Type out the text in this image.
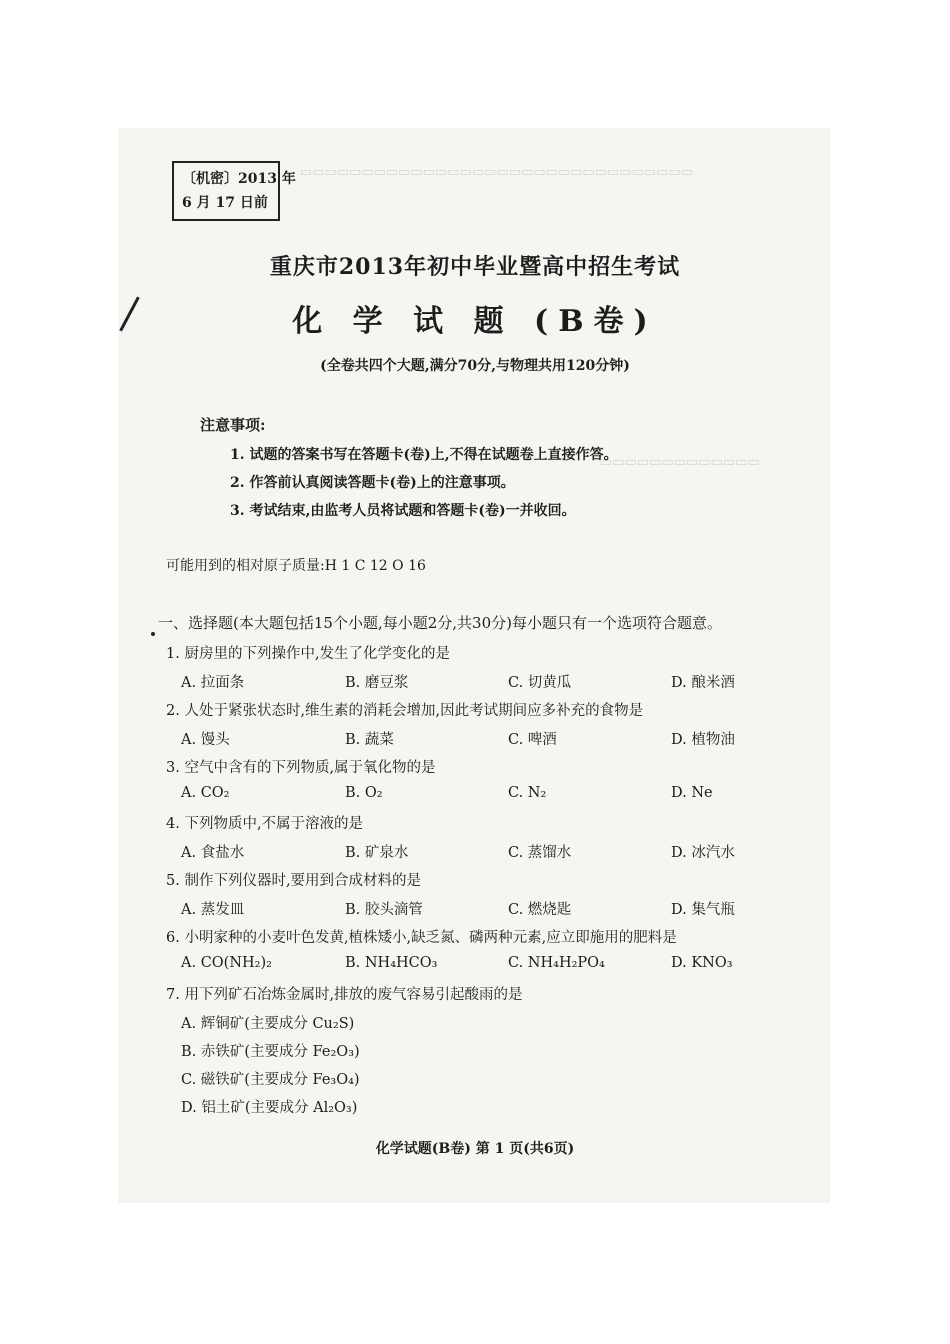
▭▭▭▭▭▭▭▭▭▭▭▭▭▭▭▭▭▭▭▭▭▭▭▭▭▭▭▭▭▭▭▭
▭▭▭▭▭▭▭▭▭▭▭▭▭
〔机密〕2013 年
6 月 17 日前
重庆市2013年初中毕业暨高中招生考试
化 学 试 题 (B卷)
(全卷共四个大题,满分70分,与物理共用120分钟)
注意事项:
1. 试题的答案书写在答题卡(卷)上,不得在试题卷上直接作答。
2. 作答前认真阅读答题卡(卷)上的注意事项。
3. 考试结束,由监考人员将试题和答题卡(卷)一并收回。
可能用到的相对原子质量:H 1 C 12 O 16
一、选择题(本大题包括15个小题,每小题2分,共30分)每小题只有一个选项符合题意。
1. 厨房里的下列操作中,发生了化学变化的是
A. 拉面条	B. 磨豆浆	C. 切黄瓜	D. 酿米酒
2. 人处于紧张状态时,维生素的消耗会增加,因此考试期间应多补充的食物是
A. 馒头	B. 蔬菜	C. 啤酒	D. 植物油
3. 空气中含有的下列物质,属于氧化物的是
A. CO₂	B. O₂	C. N₂	D. Ne
4. 下列物质中,不属于溶液的是
A. 食盐水	B. 矿泉水	C. 蒸馏水	D. 冰汽水
5. 制作下列仪器时,要用到合成材料的是
A. 蒸发皿	B. 胶头滴管	C. 燃烧匙	D. 集气瓶
6. 小明家种的小麦叶色发黄,植株矮小,缺乏氮、磷两种元素,应立即施用的肥料是
A. CO(NH₂)₂	B. NH₄HCO₃	C. NH₄H₂PO₄	D. KNO₃
7. 用下列矿石冶炼金属时,排放的废气容易引起酸雨的是
A. 辉铜矿(主要成分 Cu₂S)
B. 赤铁矿(主要成分 Fe₂O₃)
C. 磁铁矿(主要成分 Fe₃O₄)
D. 铝土矿(主要成分 Al₂O₃)
化学试题(B卷) 第 1 页(共6页)
